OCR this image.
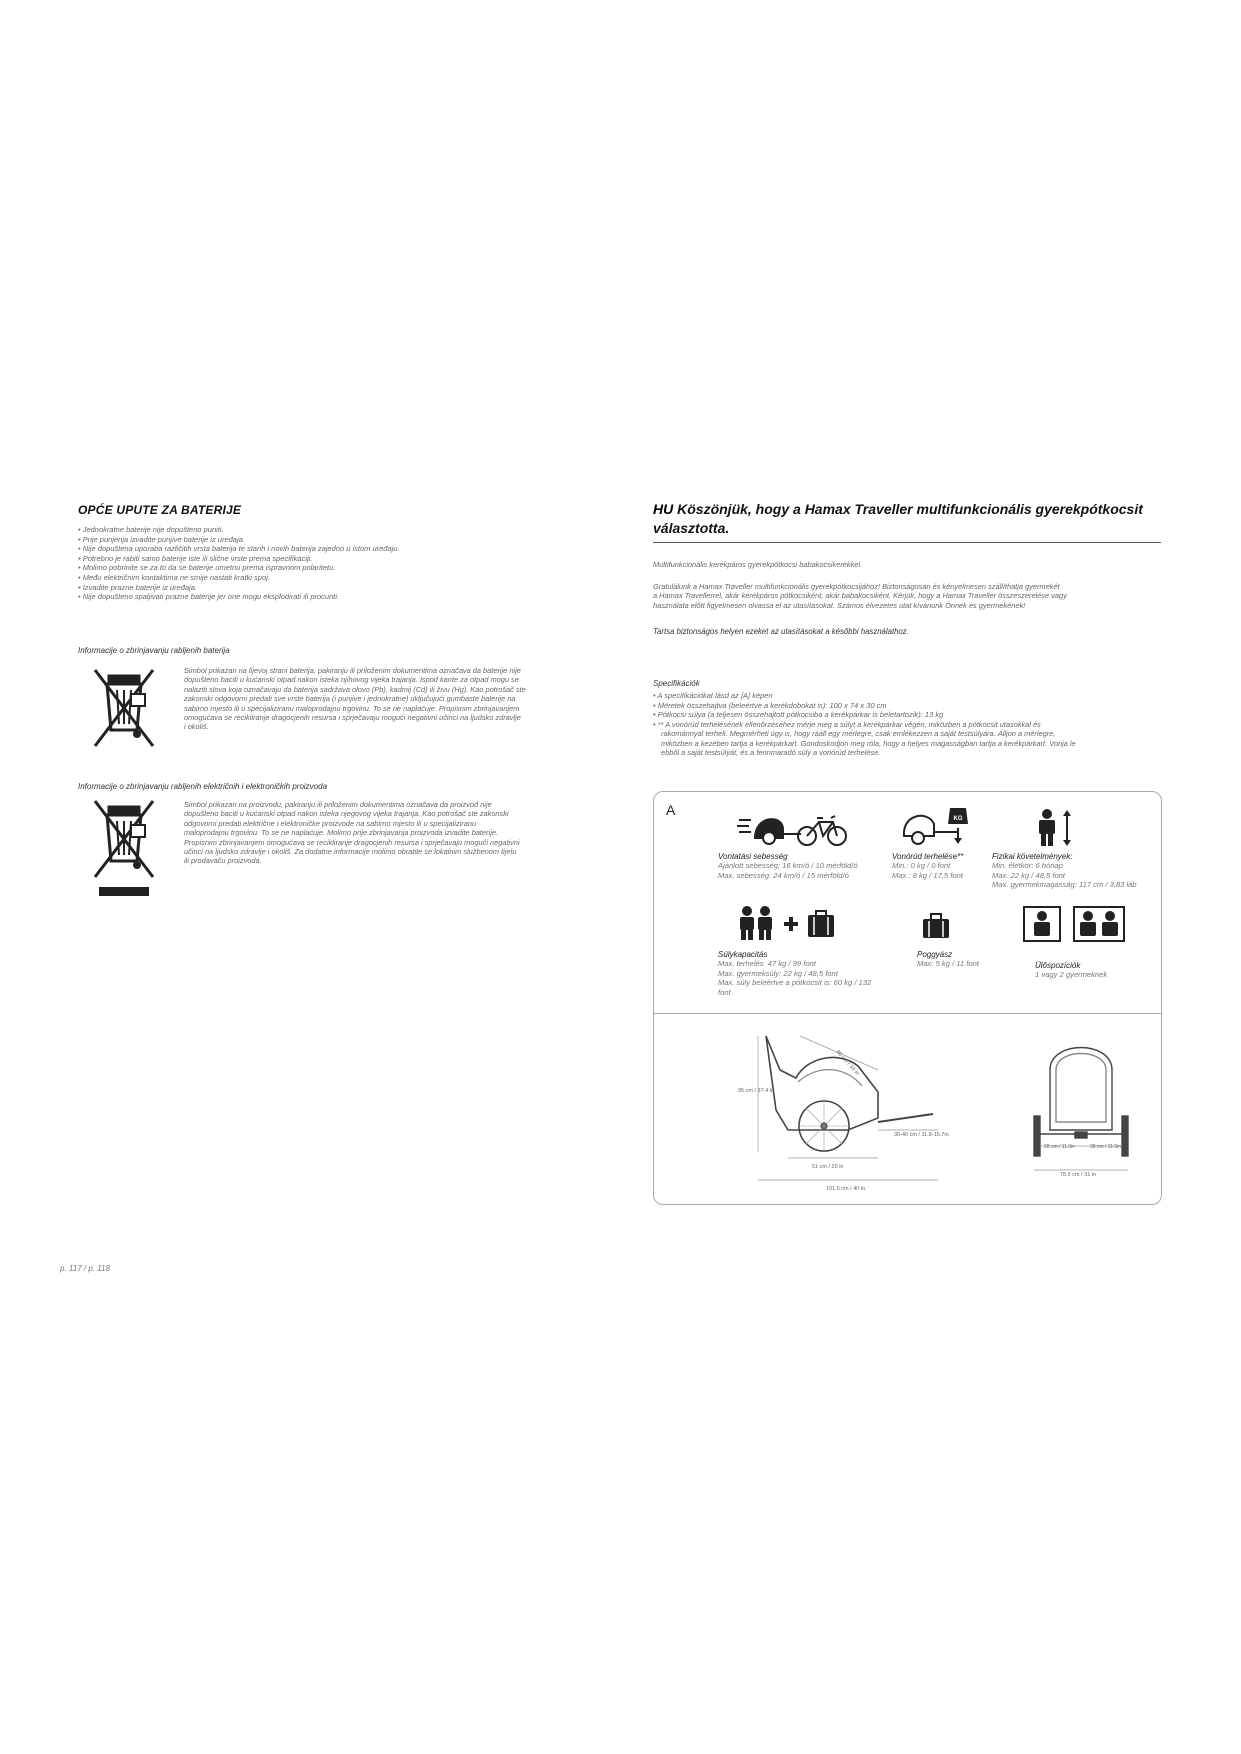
OPĆE UPUTE ZA BATERIJE
• Jednokratne baterije nije dopušteno puniti.
• Prije punjenja izvadite punjive baterije iz uređaja.
• Nije dopuštena uporaba različitih vrsta baterija te starih i novih baterija zajedno u istom uređaju.
• Potrebno je rabiti samo baterije iste ili slične vrste prema specifikaciji.
• Molimo pobrinite se za to da se baterije umetnu prema ispravnom polaritetu.
• Među električnim kontaktima ne smije nastati kratki spoj.
• Izvadite prazne baterije iz uređaja.
• Nije dopušteno spaljivati prazne baterije jer one mogu eksplodirati ili procuriti.
Informacije o zbrinjavanju rabljenih baterija
Simbol prikazan na lijevoj strani baterija, pakiranju ili priloženim dokumentima označava da baterije nije
dopušteno baciti u kućanski otpad nakon isteka njihovog vijeka trajanja. Ispod kante za otpad mogu se
nalaziti slova koja označavaju da baterija sadržava olovo (Pb), kadmij (Cd) ili živu (Hg). Kao potrošač ste
zakonski odgovorni predati sve vrste baterija (i punjive i jednokratne) uključujući gumbaste baterije na
sabirno mjesto ili u specijaliziranu maloprodajnu trgovinu. To se ne naplaćuje. Propisnim zbrinjavanjem
omogućava se recikliranje dragocjenih resursa i sprječavaju mogući negativni učinci na ljudsko zdravlje
i okoliš.
Informacije o zbrinjavanju rabljenih električnih i elektroničkih proizvoda
Simbol prikazan na proizvodu, pakiranju ili priloženim dokumentima označava da proizvod nije
dopušteno baciti u kućanski otpad nakon isteka njegovog vijeka trajanja. Kao potrošač ste zakonski
odgovorni predati električne i elektroničke proizvode na sabirno mjesto ili u specijaliziranu
maloprodajnu trgovinu. To se ne naplaćuje. Molimo prije zbrinjavanja proizvoda izvadite baterije.
Propisnim zbrinjavanjem omogućava se recikliranje dragocjenih resursa i sprječavaju mogući negativni
učinci na ljudsko zdravlje i okoliš. Za dodatne informacije molimo obratite se lokalnim službenom tijelu
ili prodavaču proizvoda.
p. 117 / p. 118
HU Köszönjük, hogy a Hamax Traveller multifunkcionális gyerekpótkocsit
választotta.
Multifunkcionális kerékpáros gyerekpótkocsi babakocsikerékkel.
Gratulálunk a Hamax Traveller multifunkcionális gyerekpótkocsijához! Biztonságosan és kényelmesen szállíthatja gyermekét
a Hamax Travellerrel, akár kerékpáros pótkocsiként, akár babakocsiként. Kérjük, hogy a Hamax Traveller összeszerelése vagy
használata előtt figyelmesen olvassa el az utasításokat. Számos élvezetes utat kívánunk Önnek és gyermekének!
Tartsa biztonságos helyen ezeket az utasításokat a későbbi használathoz.
Specifikációk
• A specifikációkat lásd az [A] képen
• Méretek összehajtva (beleértve a kerékdobokat is): 100 x 74 x 30 cm
• Pótkocsi súlya (a teljesen összehajtott pótkocsiba a kerékpárkar is beletartozik): 13 kg
• ** A vonórúd terhelésének ellenőrzéséhez mérje meg a súlyt a kerékpárkar végén, miközben a pótkocsit utasokkal és
rakománnyal terheli. Megmérheti úgy is, hogy rááll egy mérlegre, csak emlékezzen a saját testsúlyára. Álljon a mérlegre,
miközben a kezében tartja a kerékpárkart. Gondoskodjon meg róla, hogy a helyes magasságban tartja a kerékpárkart. Vonja le
ebből a saját testsúlyát, és a fennmaradó súly a vonórúd terhelése.
A
KG
Vontatási sebesség
Ajánlott sebesség: 16 km/ó / 10 mérföld/ó
Max. sebesség: 24 km/ó / 15 mérföld/ó
Vonórúd terhelése**
Min.: 0 kg / 0 font
Max.: 8 kg / 17,5 font
Fizikai követelmények:
Min. életkor: 6 hónap
Max. 22 kg / 48,5 font
Max. gyermekmagasság: 117 cm / 3,83 láb
Súlykapacitás
Max. terhelés: 47 kg / 99 font
Max. gyermeksúly: 22 kg / 48,5 font
Max. súly beleértve a pótkocsit is: 60 kg / 132
font
Poggyász
Max: 5 kg / 11 font	Ülőspozíciók
1 vagy 2 gyermeknek
95 cm / 37.4 in
86 cm / 34 in
30-40 cm / 11.8-15.7in
51 cm / 20 in
101.5 cm / 40 in
28 cm / 11.0in	28 cm / 11.0in
78.5 cm / 31 in
